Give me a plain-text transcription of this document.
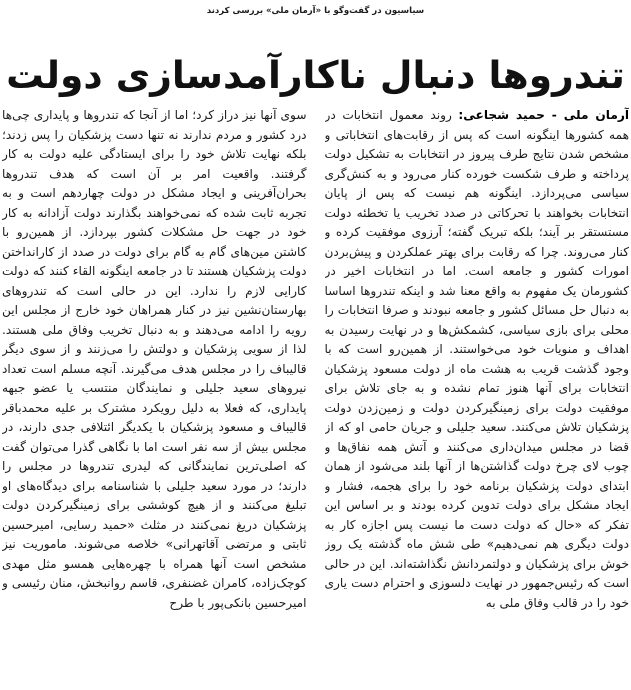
سیاسیون در گفت‌وگو با «آرمان ملی» بررسی کردند
تندروها دنبال ناکارآمدسازی دولت

آرمان ملی - حمید شجاعی: روند معمول انتخابات در همه کشورها اینگونه است که پس از رقابت‌های انتخاباتی و مشخص شدن نتایج طرف پیروز در انتخابات به تشکیل دولت پرداخته و طرف شکست خورده کنار می‌رود و به کنش‌گری سیاسی می‌پردازد. اینگونه هم نیست که پس از پایان انتخابات بخواهند با تحرکاتی در صدد تخریب یا تخطئه دولت مستستقر بر آیند؛ بلکه تبریک گفته؛ آرزوی موفقیت کرده و کنار می‌روند. چرا که رقابت برای بهتر عملکردن و پیش‌بردن امورات کشور و جامعه است. اما در انتخابات اخیر در کشورمان یک مفهوم به واقع معنا شد و اینکه تندروها اساسا به دنبال حل مسائل کشور و جامعه نبودند و صرفا انتخابات را محلی برای بازی سیاسی، کشمکش‌ها و در نهایت رسیدن به اهداف و منویات خود می‌خواستند. از همین‌رو است که با وجود گذشت قریب به هشت ماه از دولت مسعود پزشکیان انتخابات برای آنها هنوز تمام نشده و به جای تلاش برای موفقیت دولت برای زمینگیرکردن دولت و زمین‌زدن دولت پزشکیان تلاش می‌کنند. سعید جلیلی و جریان حامی او که از قضا در مجلس میدان‌داری می‌کنند و آتش همه نفاق‌ها و چوب لای چرخ دولت گذاشتن‌ها از آنها بلند می‌شود از همان ابتدای دولت پزشکیان برنامه خود را برای هجمه، فشار و ایجاد مشکل برای دولت تدوین کرده بودند و بر اساس این تفکر که «حال که دولت دست ما نیست پس اجازه کار به دولت دیگری هم نمی‌دهیم» طی شش ماه گذشته یک روز خوش برای پزشکیان و دولتمردانش نگذاشته‌اند. این در حالی است که رئیس‌جمهور در نهایت دلسوزی و احترام دست یاری خود را در قالب وفاق ملی به

سوی آنها نیز دراز کرد؛ اما از آنجا که تندروها و پایداری چی‌ها درد کشور و مردم ندارند نه تنها دست پزشکیان را پس زدند؛ بلکه نهایت تلاش خود را برای ایستادگی علیه دولت به کار گرفتند. واقعیت امر بر آن است که هدف تندروها بحران‌آفرینی و ایجاد مشکل در دولت چهاردهم است و به تجربه ثابت شده که نمی‌خواهند بگذارند دولت آزادانه به کار خود در جهت حل مشکلات کشور بپردازد. از همین‌رو با کاشتن مین‌های گام به گام برای دولت در صدد از کارانداختن دولت پزشکیان هستند تا در جامعه اینگونه القاء کنند که دولت کارایی لازم را ندارد. این در حالی است که تندروهای بهارستان‌نشین نیز در کنار همراهان خود خارج از مجلس این رویه را ادامه می‌دهند و به دنبال تخریب وفاق ملی هستند. لذا از سویی پزشکیان و دولتش را می‌زنند و از سوی دیگر قالیباف را در مجلس هدف می‌گیرند. آنچه مسلم است تعداد نیروهای سعید جلیلی و نمایندگان منتسب یا عضو جبهه پایداری، که فعلا به دلیل رویکرد مشترک بر علیه محمدباقر قالیباف و مسعود پزشکیان با یکدیگر ائتلافی جدی دارند، در مجلس بیش از سه نفر است اما با نگاهی گذرا می‌توان گفت که اصلی‌ترین نمایندگانی که لیدری تندروها در مجلس را دارند؛ در مورد سعید جلیلی با شناسنامه برای دیدگاه‌های او تبلیغ می‌کنند و از هیچ کوششی برای زمینگیرکردن دولت پزشکیان دریغ نمی‌کنند در مثلث «حمید رسایی، امیرحسین ثابتی و مرتضی آقاتهرانی» خلاصه می‌شوند. ماموریت نیز مشخص است آنها همراه با چهره‌هایی همسو مثل مهدی کوچک‌زاده، کامران غضنفری، قاسم روانبخش، منان رئیسی و امیرحسین بانکی‌پور با طرح
